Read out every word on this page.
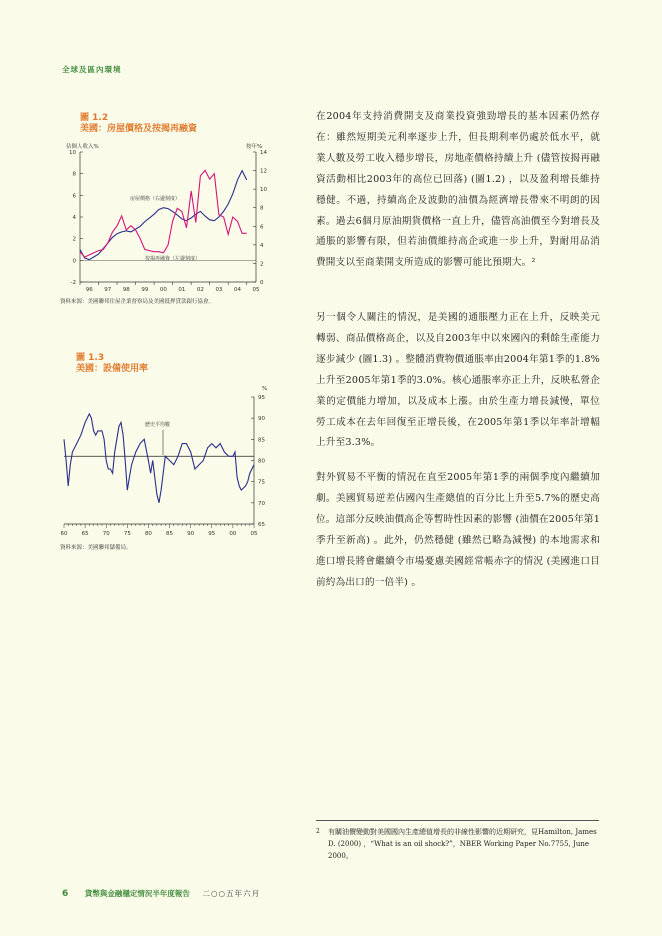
全球及區內環境
圖 1.2
美國：房屋價格及按揭再融資
佔個人收入%	按年%
-2
0
2
4
6
8
10
0
2
4
6
8
10
12
14
96 97 98 99 00 01 02 03 04 05
房屋價格（右邊刻度）
按揭再融資（左邊刻度）
資料來源：美國聯邦住屋企業督察局及美國抵押貸款銀行協會。
圖 1.3
美國：設備使用率
%
65
70
75
80
85
90
95
60	65	70	75	80	85	90	95	00	05
歷史平均數
資料來源：美國聯邦儲備局。
在2004年支持消費開支及商業投資強勁增長的基本因素仍然存在：雖然短期美元利率逐步上升，但長期利率仍處於低水平，就業人數及勞工收入穩步增長，房地產價格持續上升 (儘管按揭再融資活動相比2003年的高位已回落) (圖1.2) ，以及盈利增長維持穩健。不過，持續高企及波動的油價為經濟增長帶來不明朗的因素。過去6個月原油期貨價格一直上升，儘管高油價至今對增長及通脹的影響有限，但若油價維持高企或進一步上升，對耐用品消費開支以至商業開支所造成的影響可能比預期大。²
另一個令人關注的情況，是美國的通脹壓力正在上升，反映美元轉弱、商品價格高企，以及自2003年中以來國內的剩餘生產能力逐步減少 (圖1.3) 。整體消費物價通脹率由2004年第1季的1.8%上升至2005年第1季的3.0%。核心通脹率亦正上升，反映私營企業的定價能力增加，以及成本上漲。由於生產力增長減慢，單位勞工成本在去年回復至正增長後，在2005年第1季以年率計增幅上升至3.3%。
對外貿易不平衡的情況在直至2005年第1季的兩個季度內繼續加劇。美國貿易逆差佔國內生產總值的百分比上升至5.7%的歷史高位。這部分反映油價高企等暫時性因素的影響 (油價在2005年第1季升至新高) 。此外，仍然穩健 (雖然已略為減慢) 的本地需求和進口增長將會繼續令市場憂慮美國經常帳赤字的情況 (美國進口目前約為出口的一倍半) 。
2 有關油價變動對美國國內生產總值增長的非線性影響的近期研究，見Hamilton, James D. (2000) ，“What is an oil shock?”，NBER Working Paper No.7755, June 2000。
6 貨幣與金融穩定情況半年度報告 二○○五年六月
